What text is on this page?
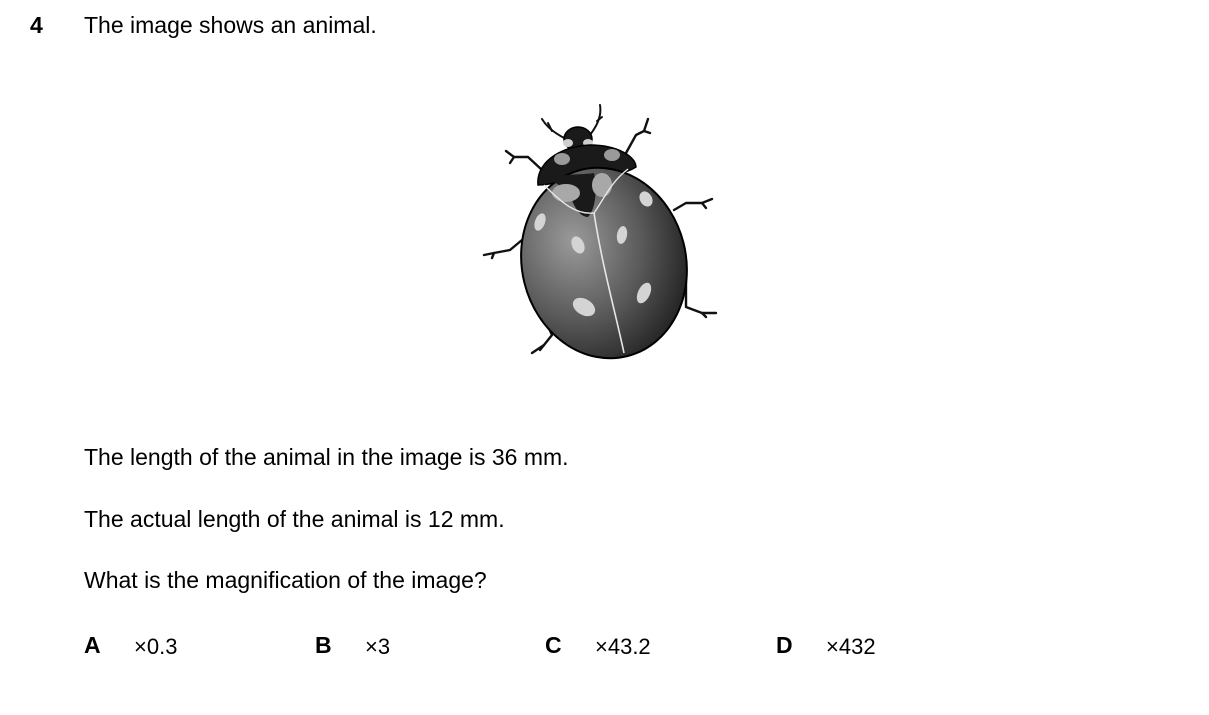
4 The image shows an animal.
The length of the animal in the image is 36 mm.
The actual length of the animal is 12 mm.
What is the magnification of the image?
A ×0.3	B ×3	C ×43.2	D ×432
